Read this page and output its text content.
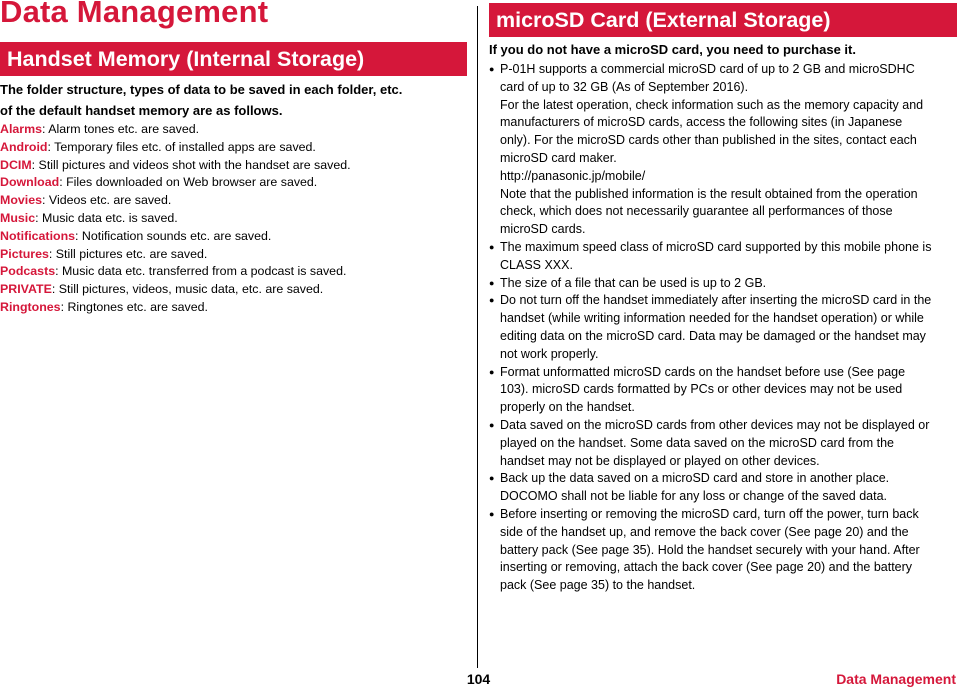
Data Management
Handset Memory (Internal Storage)

The folder structure, types of data to be saved in each folder, etc.
of the default handset memory are as follows.

Alarms: Alarm tones etc. are saved.
Android: Temporary files etc. of installed apps are saved.
DCIM: Still pictures and videos shot with the handset are saved.
Download: Files downloaded on Web browser are saved.
Movies: Videos etc. are saved.
Music: Music data etc. is saved.
Notifications: Notification sounds etc. are saved.
Pictures: Still pictures etc. are saved.
Podcasts: Music data etc. transferred from a podcast is saved.
PRIVATE: Still pictures, videos, music data, etc. are saved.
Ringtones: Ringtones etc. are saved.
microSD Card (External Storage)

If you do not have a microSD card, you need to purchase it.

● P-01H supports a commercial microSD card of up to 2 GB and microSDHC
card of up to 32 GB (As of September 2016).
For the latest operation, check information such as the memory capacity and
manufacturers of microSD cards, access the following sites (in Japanese
only). For the microSD cards other than published in the sites, contact each
microSD card maker.
http://panasonic.jp/mobile/
Note that the published information is the result obtained from the operation
check, which does not necessarily guarantee all performances of those
microSD cards.
● The maximum speed class of microSD card supported by this mobile phone is
CLASS XXX.
● The size of a file that can be used is up to 2 GB.
● Do not turn off the handset immediately after inserting the microSD card in the
handset (while writing information needed for the handset operation) or while
editing data on the microSD card. Data may be damaged or the handset may
not work properly.
● Format unformatted microSD cards on the handset before use (See page
103). microSD cards formatted by PCs or other devices may not be used
properly on the handset.
● Data saved on the microSD cards from other devices may not be displayed or
played on the handset. Some data saved on the microSD card from the
handset may not be displayed or played on other devices.
● Back up the data saved on a microSD card and store in another place.
DOCOMO shall not be liable for any loss or change of the saved data.
● Before inserting or removing the microSD card, turn off the power, turn back
side of the handset up, and remove the back cover (See page 20) and the
battery pack (See page 35). Hold the handset securely with your hand. After
inserting or removing, attach the back cover (See page 20) and the battery
pack (See page 35) to the handset.
104	Data Management
